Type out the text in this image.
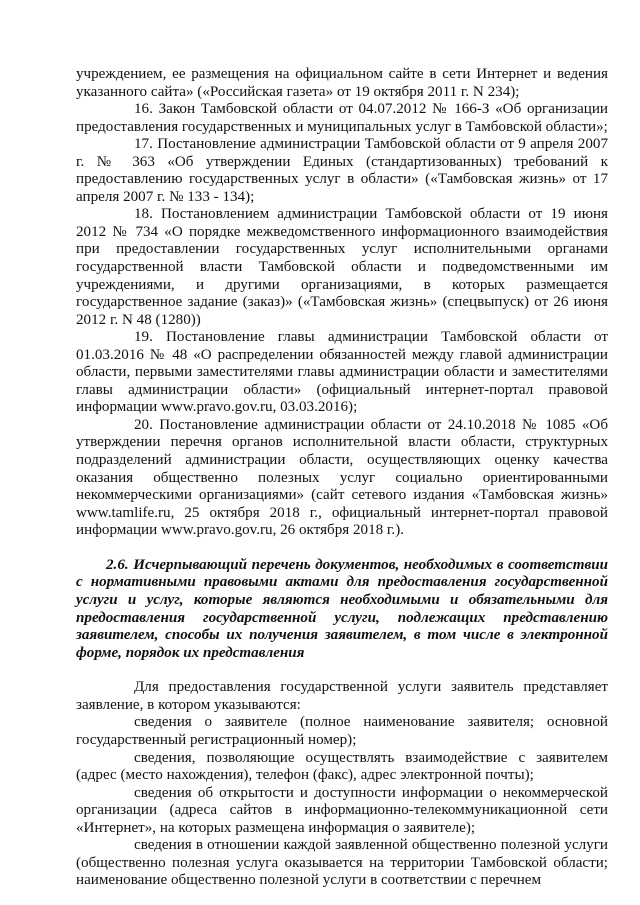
учреждением, ее размещения на официальном сайте в сети Интернет и ведения указанного сайта» («Российская газета» от 19 октября 2011 г. N 234);

16. Закон Тамбовской области от 04.07.2012 № 166-З «Об организации предоставления государственных и муниципальных услуг в Тамбовской области»;

17. Постановление администрации Тамбовской области от 9 апреля 2007 г. № 363 «Об утверждении Единых (стандартизованных) требований к предоставлению государственных услуг в области» («Тамбовская жизнь» от 17 апреля 2007 г. № 133 - 134);

18. Постановлением администрации Тамбовской области от 19 июня 2012 № 734 «О порядке межведомственного информационного взаимодействия при предоставлении государственных услуг исполнительными органами государственной власти Тамбовской области и подведомственными им учреждениями, и другими организациями, в которых размещается государственное задание (заказ)» («Тамбовская жизнь» (спецвыпуск) от 26 июня 2012 г. N 48 (1280))

19. Постановление главы администрации Тамбовской области от 01.03.2016 № 48 «О распределении обязанностей между главой администрации области, первыми заместителями главы администрации области и заместителями главы администрации области» (официальный интернет-портал правовой информации www.pravo.gov.ru, 03.03.2016);

20. Постановление администрации области от 24.10.2018 № 1085 «Об утверждении перечня органов исполнительной власти области, структурных подразделений администрации области, осуществляющих оценку качества оказания общественно полезных услуг социально ориентированными некоммерческими организациями» (сайт сетевого издания «Тамбовская жизнь» www.tamlife.ru, 25 октября 2018 г., официальный интернет-портал правовой информации www.pravo.gov.ru, 26 октября 2018 г.).

2.6. Исчерпывающий перечень документов, необходимых в соответствии с нормативными правовыми актами для предоставления государственной услуги и услуг, которые являются необходимыми и обязательными для предоставления государственной услуги, подлежащих представлению заявителем, способы их получения заявителем, в том числе в электронной форме, порядок их представления

Для предоставления государственной услуги заявитель представляет заявление, в котором указываются:

сведения о заявителе (полное наименование заявителя; основной государственный регистрационный номер);

сведения, позволяющие осуществлять взаимодействие с заявителем (адрес (место нахождения), телефон (факс), адрес электронной почты);

сведения об открытости и доступности информации о некоммерческой организации (адреса сайтов в информационно-телекоммуникационной сети «Интернет», на которых размещена информация о заявителе);

сведения в отношении каждой заявленной общественно полезной услуги (общественно полезная услуга оказывается на территории Тамбовской области; наименование общественно полезной услуги в соответствии с перечнем
